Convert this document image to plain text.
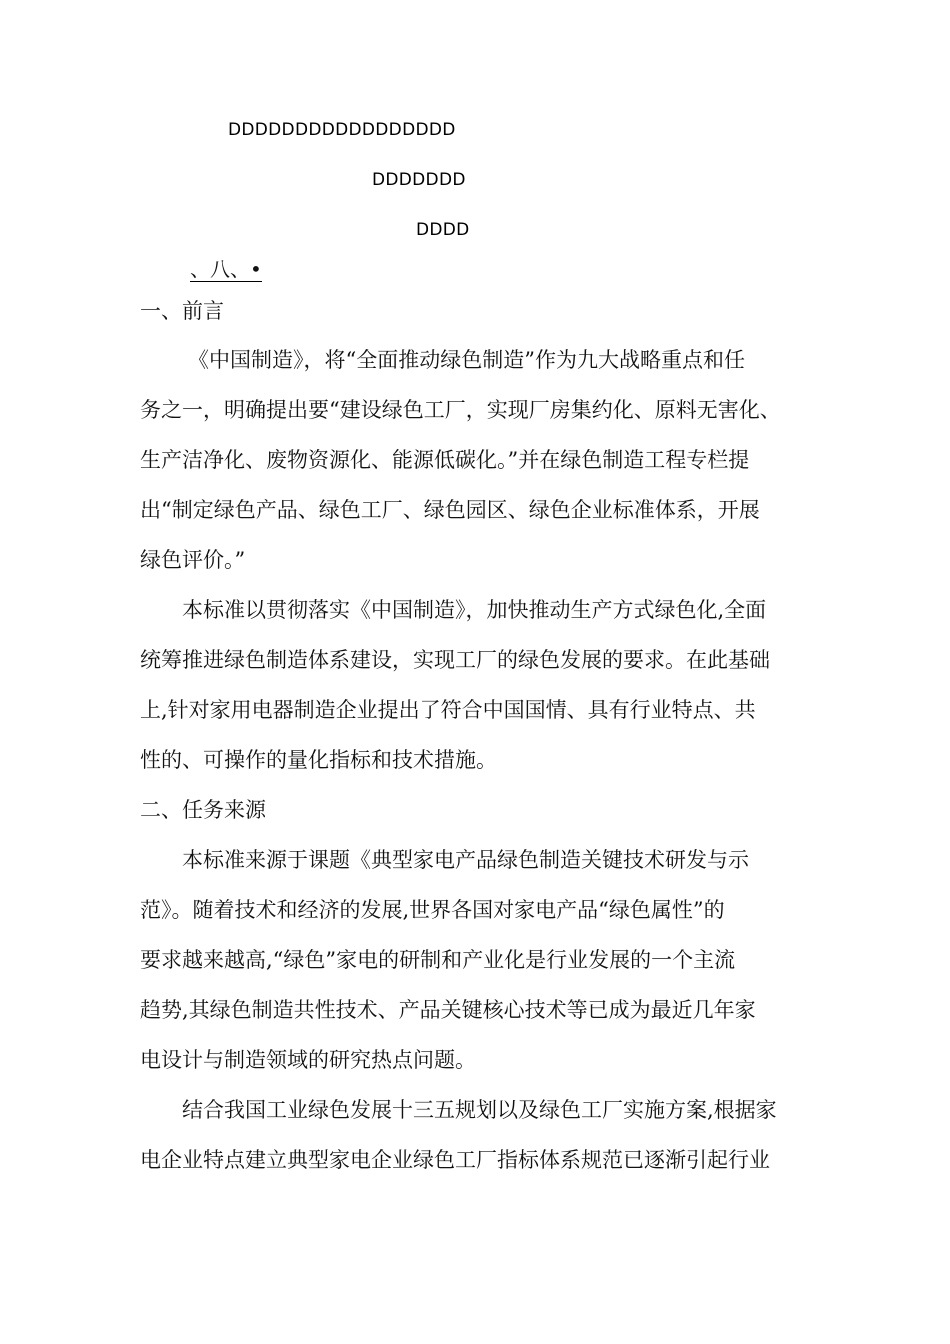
DDDDDDDDDDDDDDDDD
DDDDDDD
DDDD
、八、•
一、前言
《中国制造》，将“全面推动绿色制造”作为九大战略重点和任
务之一，明确提出要“建设绿色工厂，实现厂房集约化、原料无害化、
生产洁净化、废物资源化、能源低碳化。”并在绿色制造工程专栏提
出“制定绿色产品、绿色工厂、绿色园区、绿色企业标准体系，开展
绿色评价。”
本标准以贯彻落实《中国制造》，加快推动生产方式绿色化,全面
统筹推进绿色制造体系建设，实现工厂的绿色发展的要求。在此基础
上,针对家用电器制造企业提出了符合中国国情、具有行业特点、共
性的、可操作的量化指标和技术措施。
二、任务来源
本标准来源于课题《典型家电产品绿色制造关键技术研发与示
范》。随着技术和经济的发展,世界各国对家电产品“绿色属性”的
要求越来越高,“绿色”家电的研制和产业化是行业发展的一个主流
趋势,其绿色制造共性技术、产品关键核心技术等已成为最近几年家
电设计与制造领域的研究热点问题。
结合我国工业绿色发展十三五规划以及绿色工厂实施方案,根据家
电企业特点建立典型家电企业绿色工厂指标体系规范已逐渐引起行业
